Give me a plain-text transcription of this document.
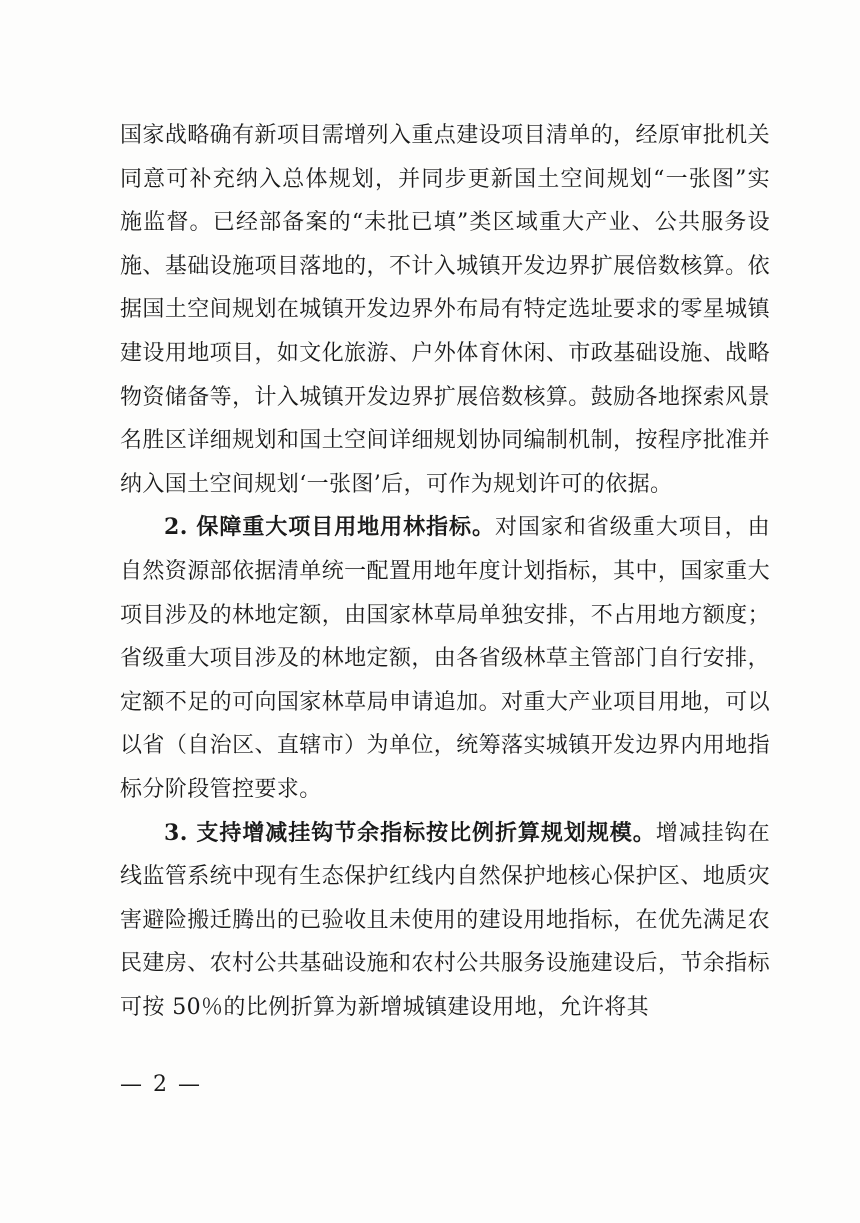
国家战略确有新项目需增列入重点建设项目清单的，经原审批机关同意可补充纳入总体规划，并同步更新国土空间规划“一张图”实施监督。已经部备案的“未批已填”类区域重大产业、公共服务设施、基础设施项目落地的，不计入城镇开发边界扩展倍数核算。依据国土空间规划在城镇开发边界外布局有特定选址要求的零星城镇建设用地项目，如文化旅游、户外体育休闲、市政基础设施、战略物资储备等，计入城镇开发边界扩展倍数核算。鼓励各地探索风景名胜区详细规划和国土空间详细规划协同编制机制，按程序批准并纳入国土空间规划‘一张图’后，可作为规划许可的依据。

2. 保障重大项目用地用林指标。对国家和省级重大项目，由自然资源部依据清单统一配置用地年度计划指标，其中，国家重大项目涉及的林地定额，由国家林草局单独安排，不占用地方额度；省级重大项目涉及的林地定额，由各省级林草主管部门自行安排，定额不足的可向国家林草局申请追加。对重大产业项目用地，可以以省（自治区、直辖市）为单位，统筹落实城镇开发边界内用地指标分阶段管控要求。

3. 支持增减挂钩节余指标按比例折算规划规模。增减挂钩在线监管系统中现有生态保护红线内自然保护地核心保护区、地质灾害避险搬迁腾出的已验收且未使用的建设用地指标，在优先满足农民建房、农村公共基础设施和农村公共服务设施建设后，节余指标可按 50％的比例折算为新增城镇建设用地，允许将其

— 2 —
